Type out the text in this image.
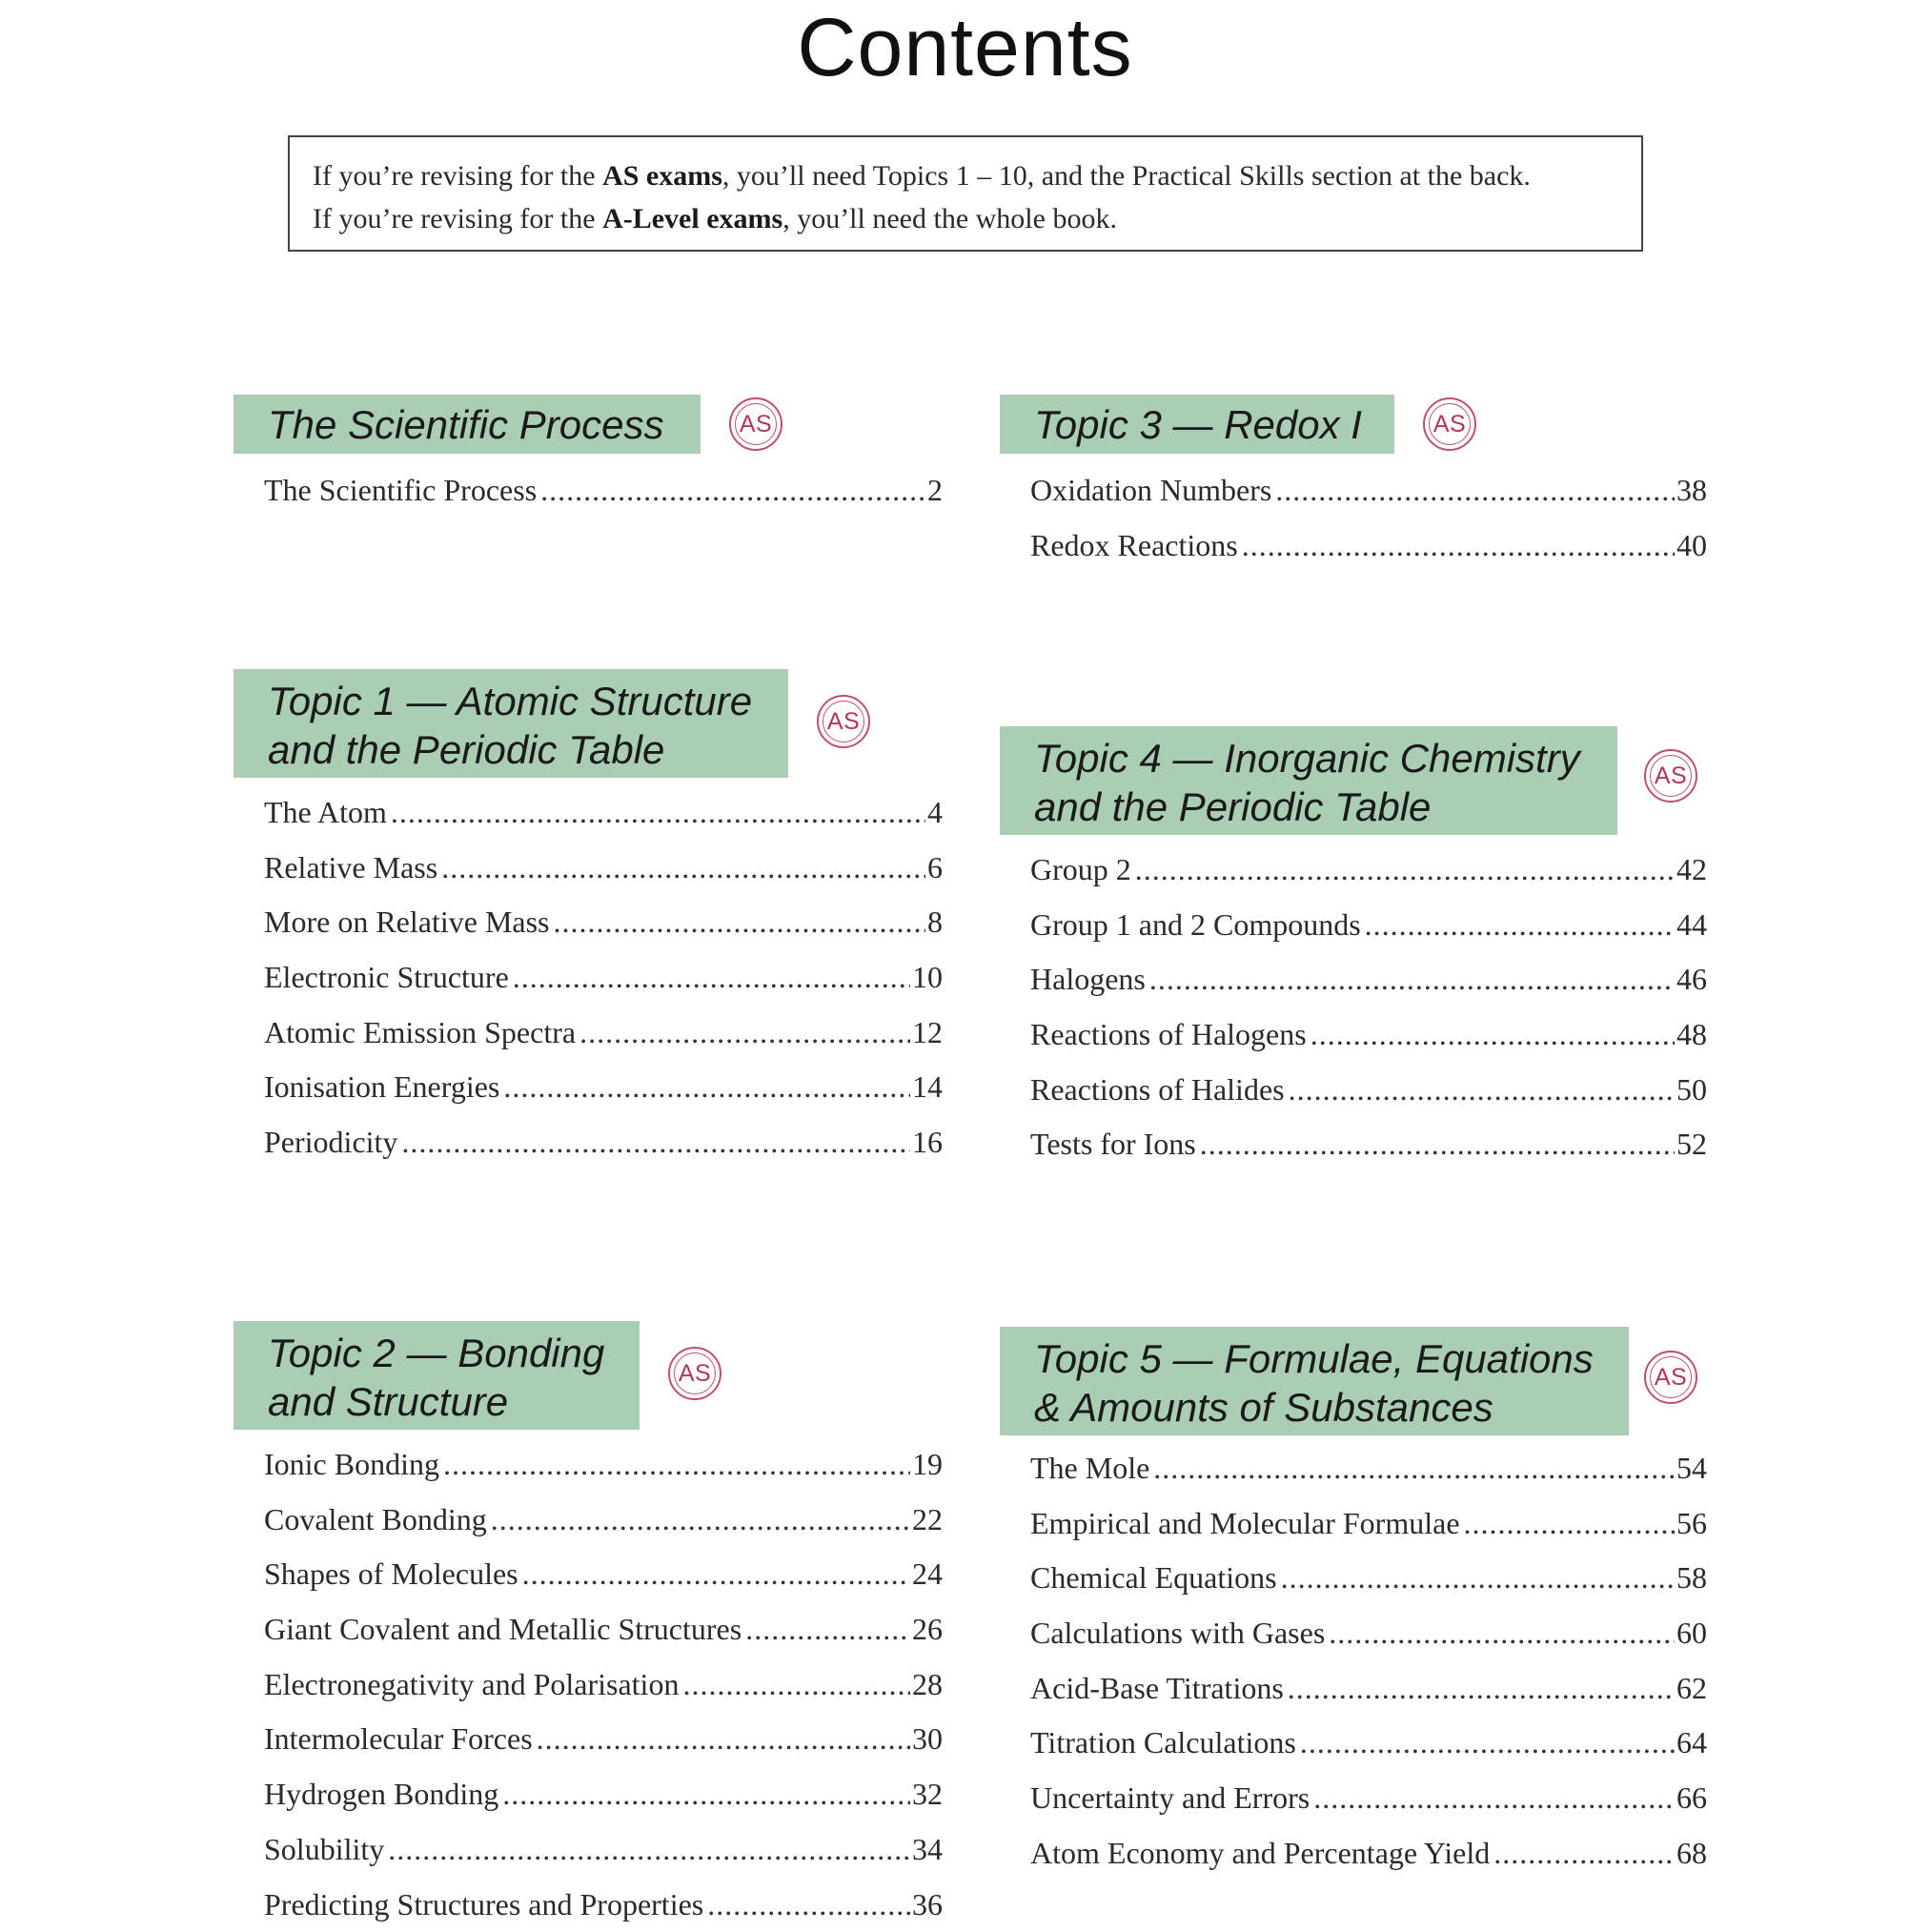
Contents
If you’re revising for the AS exams, you’ll need Topics 1 – 10, and the Practical Skills section at the back.
If you’re revising for the A-Level exams, you’ll need the whole book.
The Scientific Process	AS
The Scientific Process .....	2
Topic 1 — Atomic Structure
and the Periodic Table
AS
The Atom .....	4
Relative Mass .....	6
More on Relative Mass .....	8
Electronic Structure .....	10
Atomic Emission Spectra .....	12
Ionisation Energies .....	14
Periodicity .....	16
Topic 2 — Bonding
and Structure
AS
Ionic Bonding .....	19
Covalent Bonding .....	22
Shapes of Molecules .....	24
Giant Covalent and Metallic Structures .....	26
Electronegativity and Polarisation .....	28
Intermolecular Forces .....	30
Hydrogen Bonding .....	32
Solubility .....	34
Predicting Structures and Properties .....	36
Topic 3 — Redox I	AS
Oxidation Numbers .....	38
Redox Reactions .....	40
Topic 4 — Inorganic Chemistry
and the Periodic Table
AS
Group 2 .....	42
Group 1 and 2 Compounds .....	44
Halogens .....	46
Reactions of Halogens .....	48
Reactions of Halides .....	50
Tests for Ions .....	52
Topic 5 — Formulae, Equations
& Amounts of Substances
AS
The Mole .....	54
Empirical and Molecular Formulae .....	56
Chemical Equations .....	58
Calculations with Gases .....	60
Acid-Base Titrations .....	62
Titration Calculations .....	64
Uncertainty and Errors .....	66
Atom Economy and Percentage Yield .....	68
